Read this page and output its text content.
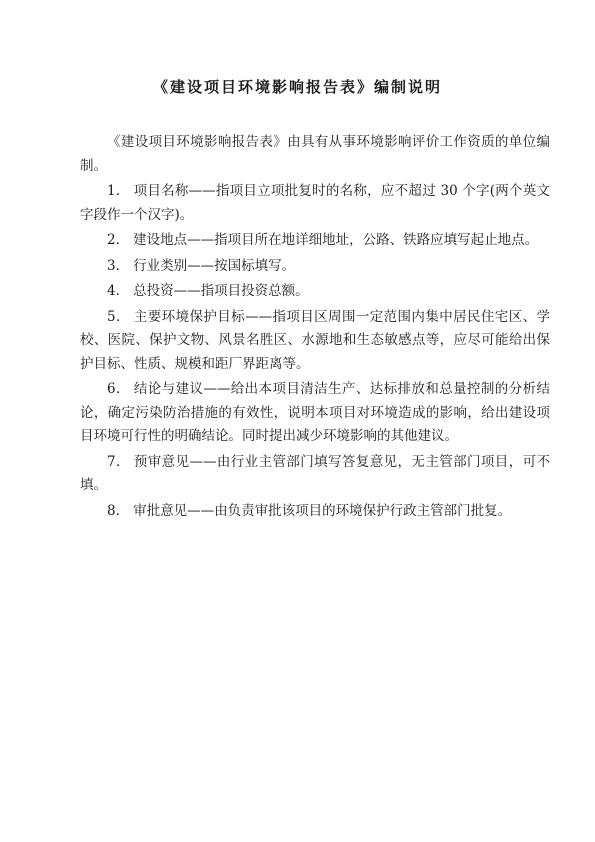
《建设项目环境影响报告表》编制说明

《建设项目环境影响报告表》由具有从事环境影响评价工作资质的单位编制。

1． 项目名称——指项目立项批复时的名称，应不超过 30 个字(两个英文字段作一个汉字)。

2． 建设地点——指项目所在地详细地址，公路、铁路应填写起止地点。

3． 行业类别——按国标填写。

4． 总投资——指项目投资总额。

5． 主要环境保护目标——指项目区周围一定范围内集中居民住宅区、学校、医院、保护文物、风景名胜区、水源地和生态敏感点等，应尽可能给出保护目标、性质、规模和距厂界距离等。

6． 结论与建议——给出本项目清洁生产、达标排放和总量控制的分析结论，确定污染防治措施的有效性，说明本项目对环境造成的影响，给出建设项目环境可行性的明确结论。同时提出减少环境影响的其他建议。

7． 预审意见——由行业主管部门填写答复意见，无主管部门项目，可不填。

8． 审批意见——由负责审批该项目的环境保护行政主管部门批复。
